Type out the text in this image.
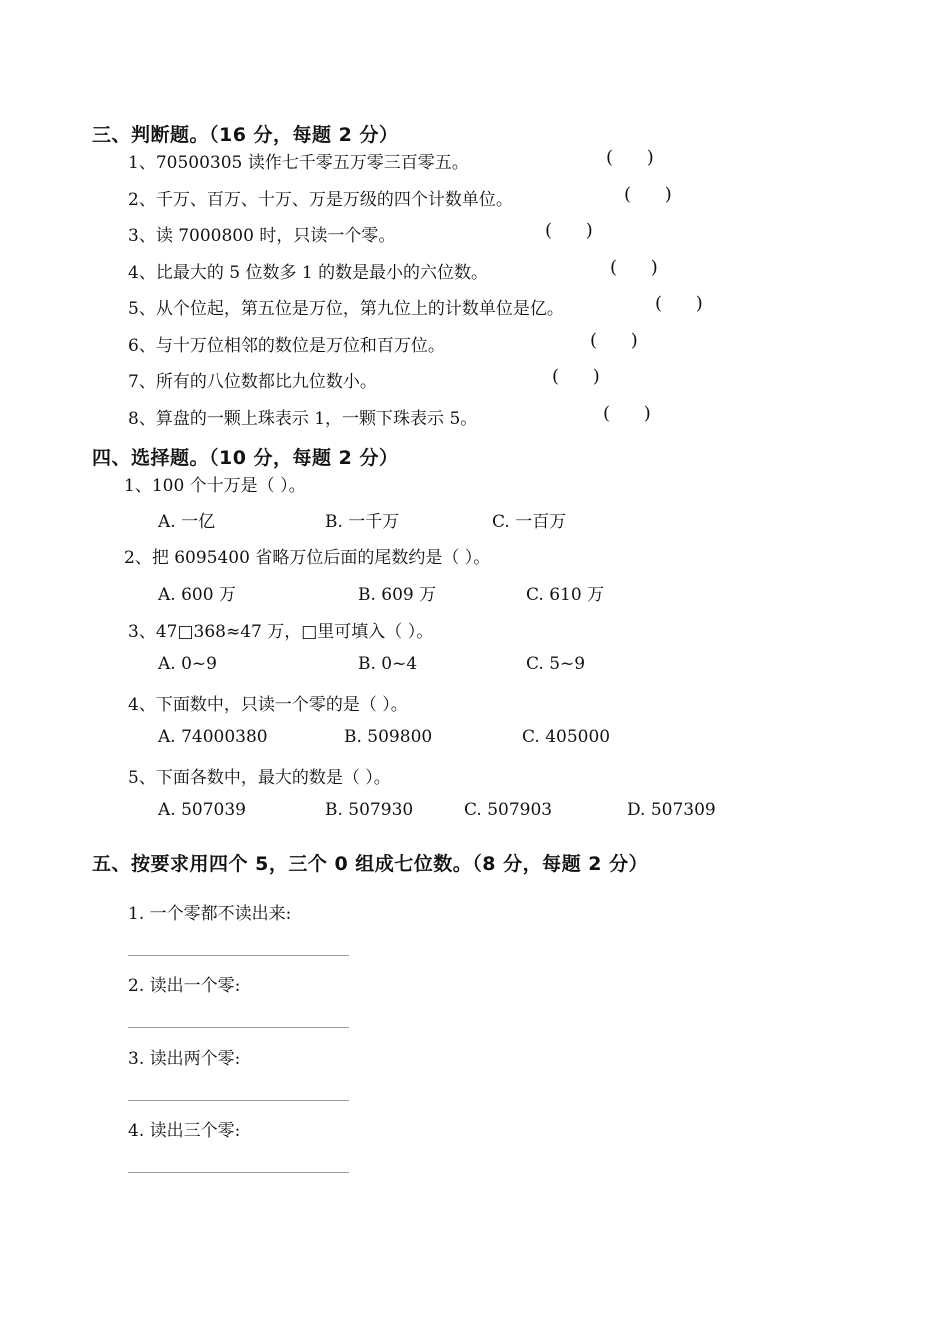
三、判断题。（16 分，每题 2 分）
1、70500305 读作七千零五万零三百零五。	( )
2、千万、百万、十万、万是万级的四个计数单位。	( )
3、读 7000800 时，只读一个零。	( )
4、比最大的 5 位数多 1 的数是最小的六位数。	( )
5、从个位起，第五位是万位，第九位上的计数单位是亿。	( )
6、与十万位相邻的数位是万位和百万位。	( )
7、所有的八位数都比九位数小。	( )
8、算盘的一颗上珠表示 1，一颗下珠表示 5。	( )
四、选择题。（10 分，每题 2 分）
1、100 个十万是（ ）。
A. 一亿	B. 一千万	C. 一百万
2、把 6095400 省略万位后面的尾数约是（ ）。
A. 600 万	B. 609 万	C. 610 万
3、47□368≈47 万，□里可填入（ ）。
A. 0~9	B. 0~4	C. 5~9
4、下面数中，只读一个零的是（ ）。
A. 74000380	B. 509800	C. 405000
5、下面各数中，最大的数是（ ）。
A. 507039	B. 507930	C. 507903	D. 507309
五、按要求用四个 5，三个 0 组成七位数。（8 分，每题 2 分）
1. 一个零都不读出来:
2. 读出一个零:
3. 读出两个零:
4. 读出三个零:
